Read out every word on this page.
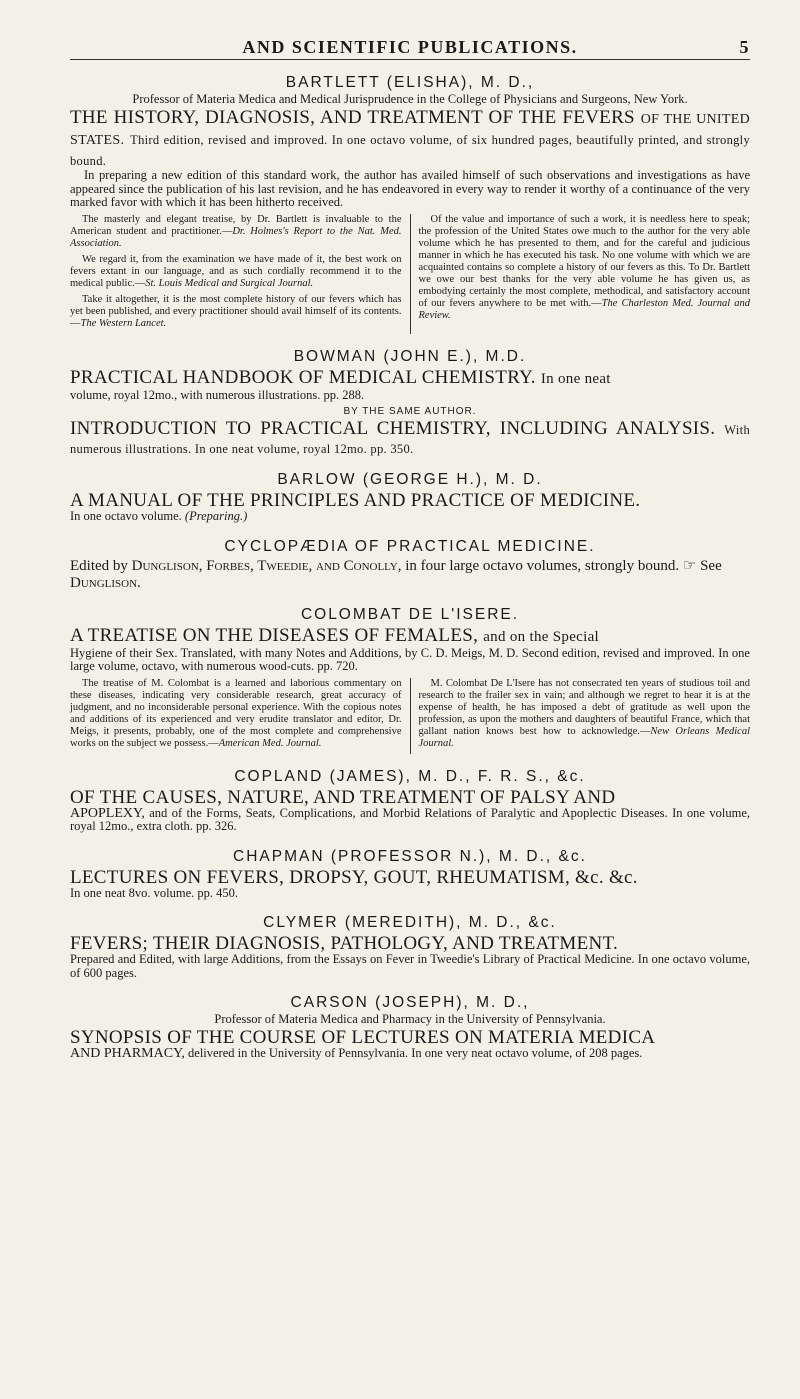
AND SCIENTIFIC PUBLICATIONS.	5
BARTLETT (ELISHA), M. D.,
Professor of Materia Medica and Medical Jurisprudence in the College of Physicians and Surgeons, New York.
THE HISTORY, DIAGNOSIS, AND TREATMENT OF THE FEVERS OF THE UNITED STATES. Third edition, revised and improved. In one octavo volume, of six hundred pages, beautifully printed, and strongly bound.
In preparing a new edition of this standard work, the author has availed himself of such observations and investigations as have appeared since the publication of his last revision, and he has endeavored in every way to render it worthy of a continuance of the very marked favor with which it has been hitherto received.

The masterly and elegant treatise, by Dr. Bartlett is invaluable to the American student and practitioner.—Dr. Holmes's Report to the Nat. Med. Association.

We regard it, from the examination we have made of it, the best work on fevers extant in our language, and as such cordially recommend it to the medical public.—St. Louis Medical and Surgical Journal.

Take it altogether, it is the most complete history of our fevers which has yet been published, and every practitioner should avail himself of its contents.—The Western Lancet.

Of the value and importance of such a work, it is needless here to speak; the profession of the United States owe much to the author for the very able volume which he has presented to them, and for the careful and judicious manner in which he has executed his task. No one volume with which we are acquainted contains so complete a history of our fevers as this. To Dr. Bartlett we owe our best thanks for the very able volume he has given us, as embodying certainly the most complete, methodical, and satisfactory account of our fevers anywhere to be met with.—The Charleston Med. Journal and Review.

BOWMAN (JOHN E.), M.D.
PRACTICAL HANDBOOK OF MEDICAL CHEMISTRY. In one neat
volume, royal 12mo., with numerous illustrations. pp. 288.
BY THE SAME AUTHOR.
INTRODUCTION TO PRACTICAL CHEMISTRY, INCLUDING ANALYSIS. With numerous illustrations. In one neat volume, royal 12mo. pp. 350.
BARLOW (GEORGE H.), M. D.
A MANUAL OF THE PRINCIPLES AND PRACTICE OF MEDICINE.
In one octavo volume. (Preparing.)
CYCLOPÆDIA OF PRACTICAL MEDICINE.
Edited by Dunglison, Forbes, Tweedie, and Conolly, in four large octavo volumes, strongly bound. ☞ See Dunglison.
COLOMBAT DE L'ISERE.
A TREATISE ON THE DISEASES OF FEMALES, and on the Special
Hygiene of their Sex. Translated, with many Notes and Additions, by C. D. Meigs, M. D. Second edition, revised and improved. In one large volume, octavo, with numerous wood-cuts. pp. 720.

The treatise of M. Colombat is a learned and laborious commentary on these diseases, indicating very considerable research, great accuracy of judgment, and no inconsiderable personal experience. With the copious notes and additions of its experienced and very erudite translator and editor, Dr. Meigs, it presents, probably, one of the most complete and comprehensive works on the subject we possess.—American Med. Journal.

M. Colombat De L'Isere has not consecrated ten years of studious toil and research to the frailer sex in vain; and although we regret to hear it is at the expense of health, he has imposed a debt of gratitude as well upon the profession, as upon the mothers and daughters of beautiful France, which that gallant nation knows best how to acknowledge.—New Orleans Medical Journal.

COPLAND (JAMES), M. D., F. R. S., &c.
OF THE CAUSES, NATURE, AND TREATMENT OF PALSY AND
APOPLEXY, and of the Forms, Seats, Complications, and Morbid Relations of Paralytic and Apoplectic Diseases. In one volume, royal 12mo., extra cloth. pp. 326.
CHAPMAN (PROFESSOR N.), M. D., &c.
LECTURES ON FEVERS, DROPSY, GOUT, RHEUMATISM, &c. &c.
In one neat 8vo. volume. pp. 450.
CLYMER (MEREDITH), M. D., &c.
FEVERS; THEIR DIAGNOSIS, PATHOLOGY, AND TREATMENT.
Prepared and Edited, with large Additions, from the Essays on Fever in Tweedie's Library of Practical Medicine. In one octavo volume, of 600 pages.
CARSON (JOSEPH), M. D.,
Professor of Materia Medica and Pharmacy in the University of Pennsylvania.
SYNOPSIS OF THE COURSE OF LECTURES ON MATERIA MEDICA
AND PHARMACY, delivered in the University of Pennsylvania. In one very neat octavo volume, of 208 pages.
